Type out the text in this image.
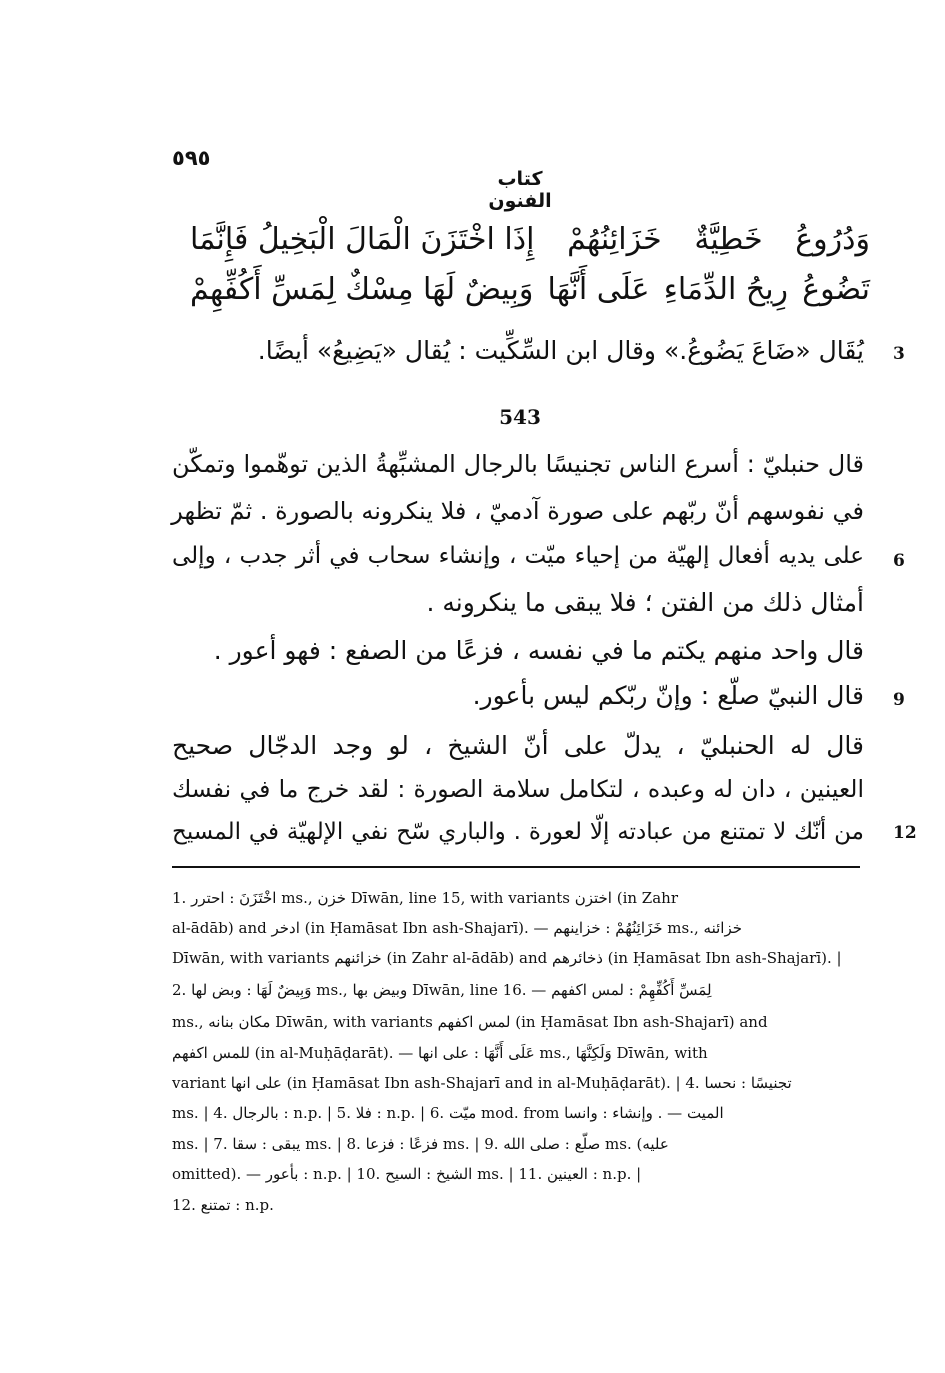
٥٩٥
كتاب الفنون
إِذَا اخْتَزَنَ الْمَالَ الْبَخِيلُ فَإِنَّمَا خَزَائِنُهُمْ خَطِيَّةٌ وَدُرُوعُ
وَبِيضٌ لَهَا مِسْكٌ لِمَسِّ أَكُفِّهِمْ عَلَى أَنَّهَا رِيحُ الدِّمَاءِ تَضُوعُ
يُقَال «ضَاعَ يَضُوعُ.» وقال ابن السِّكِّيت : يُقال «يَضِيعُ» أيضًا. 3
543
قال حنبليّ : أسرع الناس تجنيسًا بالرجال المشبِّهةُ الذين توهّموا وتمكّن
في نفوسهم أنّ ربّهم على صورة آدميّ ، فلا ينكرونه بالصورة . ثمّ تظهر
على يديه أفعال إلهيّة من إحياء ميّت ، وإنشاء سحاب في أثر جدب ، وإلى 6
أمثال ذلك من الفتن ؛ فلا يبقى ما ينكرونه .
قال واحد منهم يكتم ما في نفسه ، فزعًا من الصفع : فهو أعور .
قال النبيّ صلّع : وإنّ ربّكم ليس بأعور. 9
قال له الحنبليّ ، يدلّ على أنّ الشيخ ، لو وجد الدجّال صحيح
العينين ، دان له وعبده ، لتكامل سلامة الصورة : لقد خرج ما في نفسك
من أنّك لا تمتنع من عبادته إلّا لعورة . والباري سّح نفي الإلهيّة في المسيح 12
1. اخْتَزَنَ : احترر ms., خزن Dīwān, line 15, with variants اختزن (in Zahr
al-ādāb) and ادخر (in Ḥamāsat Ibn ash-Shajarī). — خَزَائِنُهُمْ : خزاينهم ms., خزائنه
Dīwān, with variants خزائنهم (in Zahr al-ādāb) and ذخائرهم (in Ḥamāsat Ibn ash-Shajarī). |
2. وَبِيضٌ لَهَا : وبض لها ms., وبيض بها Dīwān, line 16. — لِمَسِّ أَكُفِّهِمْ : لمس اكفهم
ms., مكان بنانه Dīwān, with variants لمس اكفهم (in Ḥamāsat Ibn ash-Shajarī) and
للمس اكفهم (in al-Muḥāḍarāt). — عَلَى أَنَّهَا : على انها ms., وَلَكِنَّهَا Dīwān, with
variant على انها (in Ḥamāsat Ibn ash-Shajarī and in al-Muḥāḍarāt). | 4. تجنيسًا : نحسا
ms. | 4. بالرجال : n.p. | 5. فلا : n.p. | 6. ميّت mod. from الميت — . وإنشاء : وانسا
ms. | 7. يبقى : سقا ms. | 8. فزعًا : فزعا ms. | 9. صلّع : صلى الله ms. (عليه
omitted). — بأعور : n.p. | 10. الشيخ : السيح ms. | 11. العينين : n.p. |
12. تمتنع : n.p.
